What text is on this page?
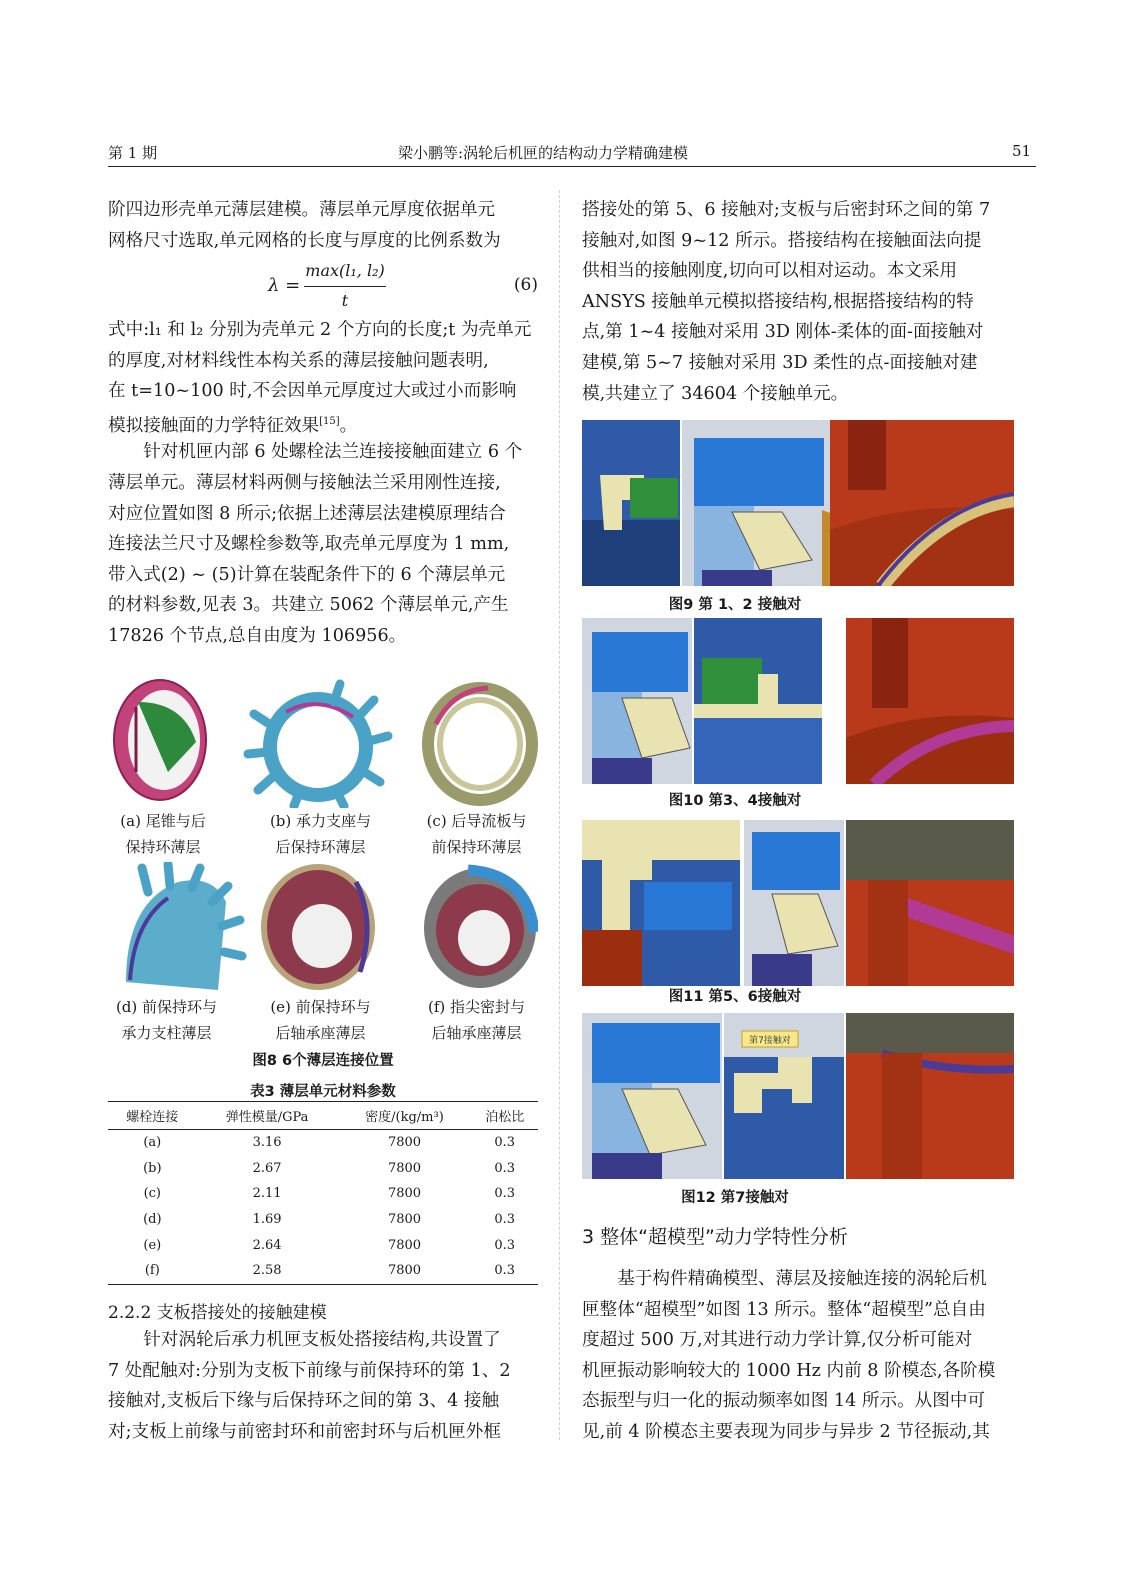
第 1 期	梁小鹏等:涡轮后机匣的结构动力学精确建模	51
阶四边形壳单元薄层建模。薄层单元厚度依据单元
网格尺寸选取,单元网格的长度与厚度的比例系数为
λ =
max(l₁, l₂)
t
(6)
式中:l₁ 和 l₂ 分别为壳单元 2 个方向的长度;t 为壳单元
的厚度,对材料线性本构关系的薄层接触问题表明,
在 t=10~100 时,不会因单元厚度过大或过小而影响
模拟接触面的力学特征效果[15]。
针对机匣内部 6 处螺栓法兰连接接触面建立 6 个
薄层单元。薄层材料两侧与接触法兰采用刚性连接,
对应位置如图 8 所示;依据上述薄层法建模原理结合
连接法兰尺寸及螺栓参数等,取壳单元厚度为 1 mm,
带入式(2) ~ (5)计算在装配条件下的 6 个薄层单元
的材料参数,见表 3。共建立 5062 个薄层单元,产生
17826 个节点,总自由度为 106956。
(a) 尾锥与后
保持环薄层
(b) 承力支座与
后保持环薄层
(c) 后导流板与
前保持环薄层
(d) 前保持环与
承力支柱薄层
(e) 前保持环与
后轴承座薄层
(f) 指尖密封与
后轴承座薄层
图8 6个薄层连接位置
表3 薄层单元材料参数
螺栓连接	弹性模量/GPa	密度/(kg/m³)	泊松比
(a)	3.16	7800	0.3
(b)	2.67	7800	0.3
(c)	2.11	7800	0.3
(d)	1.69	7800	0.3
(e)	2.64	7800	0.3
(f)	2.58	7800	0.3
2.2.2 支板搭接处的接触建模
针对涡轮后承力机匣支板处搭接结构,共设置了
7 处配触对:分别为支板下前缘与前保持环的第 1、2
接触对,支板后下缘与后保持环之间的第 3、4 接触
对;支板上前缘与前密封环和前密封环与后机匣外框
搭接处的第 5、6 接触对;支板与后密封环之间的第 7
接触对,如图 9~12 所示。搭接结构在接触面法向提
供相当的接触刚度,切向可以相对运动。本文采用
ANSYS 接触单元模拟搭接结构,根据搭接结构的特
点,第 1~4 接触对采用 3D 刚体-柔体的面-面接触对
建模,第 5~7 接触对采用 3D 柔性的点-面接触对建
模,共建立了 34604 个接触单元。
图9 第 1、2 接触对
图10 第3、4接触对
图11 第5、6接触对
第7接触对
图12 第7接触对
3 整体“超模型”动力学特性分析
基于构件精确模型、薄层及接触连接的涡轮后机
匣整体“超模型”如图 13 所示。整体“超模型”总自由
度超过 500 万,对其进行动力学计算,仅分析可能对
机匣振动影响较大的 1000 Hz 内前 8 阶模态,各阶模
态振型与归一化的振动频率如图 14 所示。从图中可
见,前 4 阶模态主要表现为同步与异步 2 节径振动,其
